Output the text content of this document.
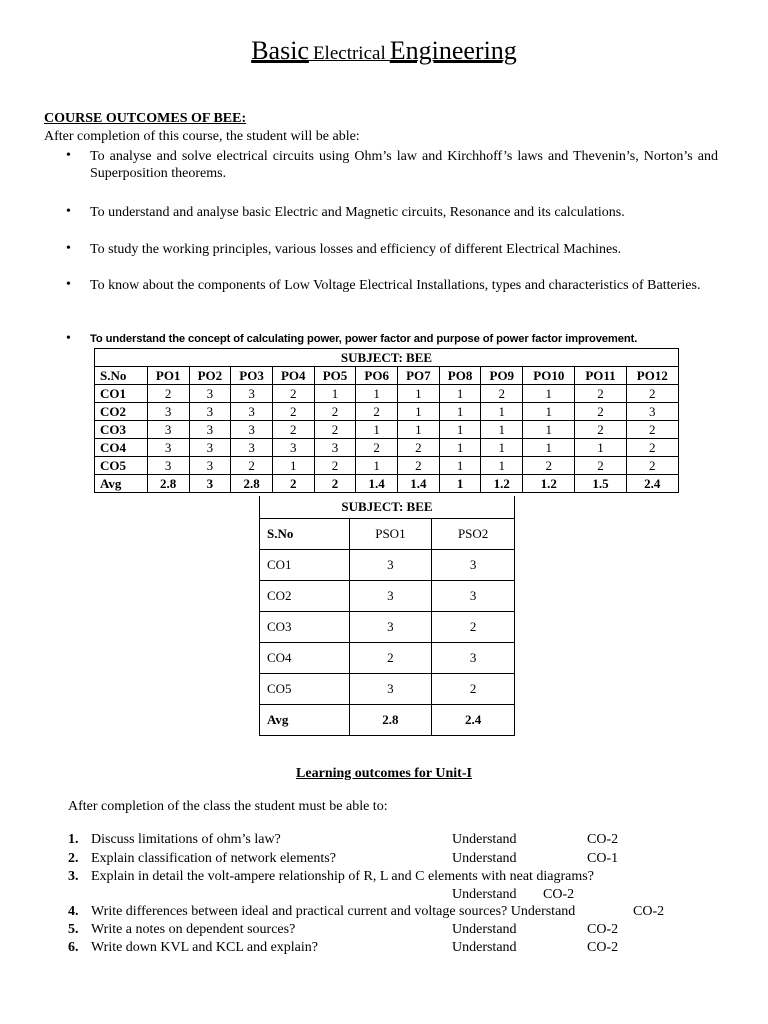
Basic Electrical Engineering
COURSE OUTCOMES OF BEE:
After completion of this course, the student will be able:
• To analyse and solve electrical circuits using Ohm’s law and Kirchhoff’s laws and Thevenin’s, Norton’s and Superposition theorems.
• To understand and analyse basic Electric and Magnetic circuits, Resonance and its calculations.
• To study the working principles, various losses and efficiency of different Electrical Machines.
• To know about the components of Low Voltage Electrical Installations, types and characteristics of Batteries.
• To understand the concept of calculating power, power factor and purpose of power factor improvement.
SUBJECT: BEE												
S.No	PO1	PO2	PO3	PO4	PO5	PO6	PO7	PO8	PO9	PO10	PO11	PO12
CO1	2	3	3	2	1	1	1	1	2	1	2	2
CO2	3	3	3	2	2	2	1	1	1	1	2	3
CO3	3	3	3	2	2	1	1	1	1	1	2	2
CO4	3	3	3	3	3	2	2	1	1	1	1	2
CO5	3	3	2	1	2	1	2	1	1	2	2	2
Avg	2.8	3	2.8	2	2	1.4	1.4	1	1.2	1.2	1.5	2.4
SUBJECT: BEE		
S.No	PSO1	PSO2
CO1	3	3
CO2	3	3
CO3	3	2
CO4	2	3
CO5	3	2
Avg	2.8	2.4
Learning outcomes for Unit-I
After completion of the class the student must be able to:
1. Discuss limitations of ohm’s law?	Understand	CO-2
2. Explain classification of network elements?	Understand	CO-1
3. Explain in detail the volt-ampere relationship of R, L and C elements with neat diagrams?
Understand CO-2
4. Write differences between ideal and practical current and voltage sources? Understand	CO-2
5. Write a notes on dependent sources?	Understand	CO-2
6. Write down KVL and KCL and explain?	Understand	CO-2
